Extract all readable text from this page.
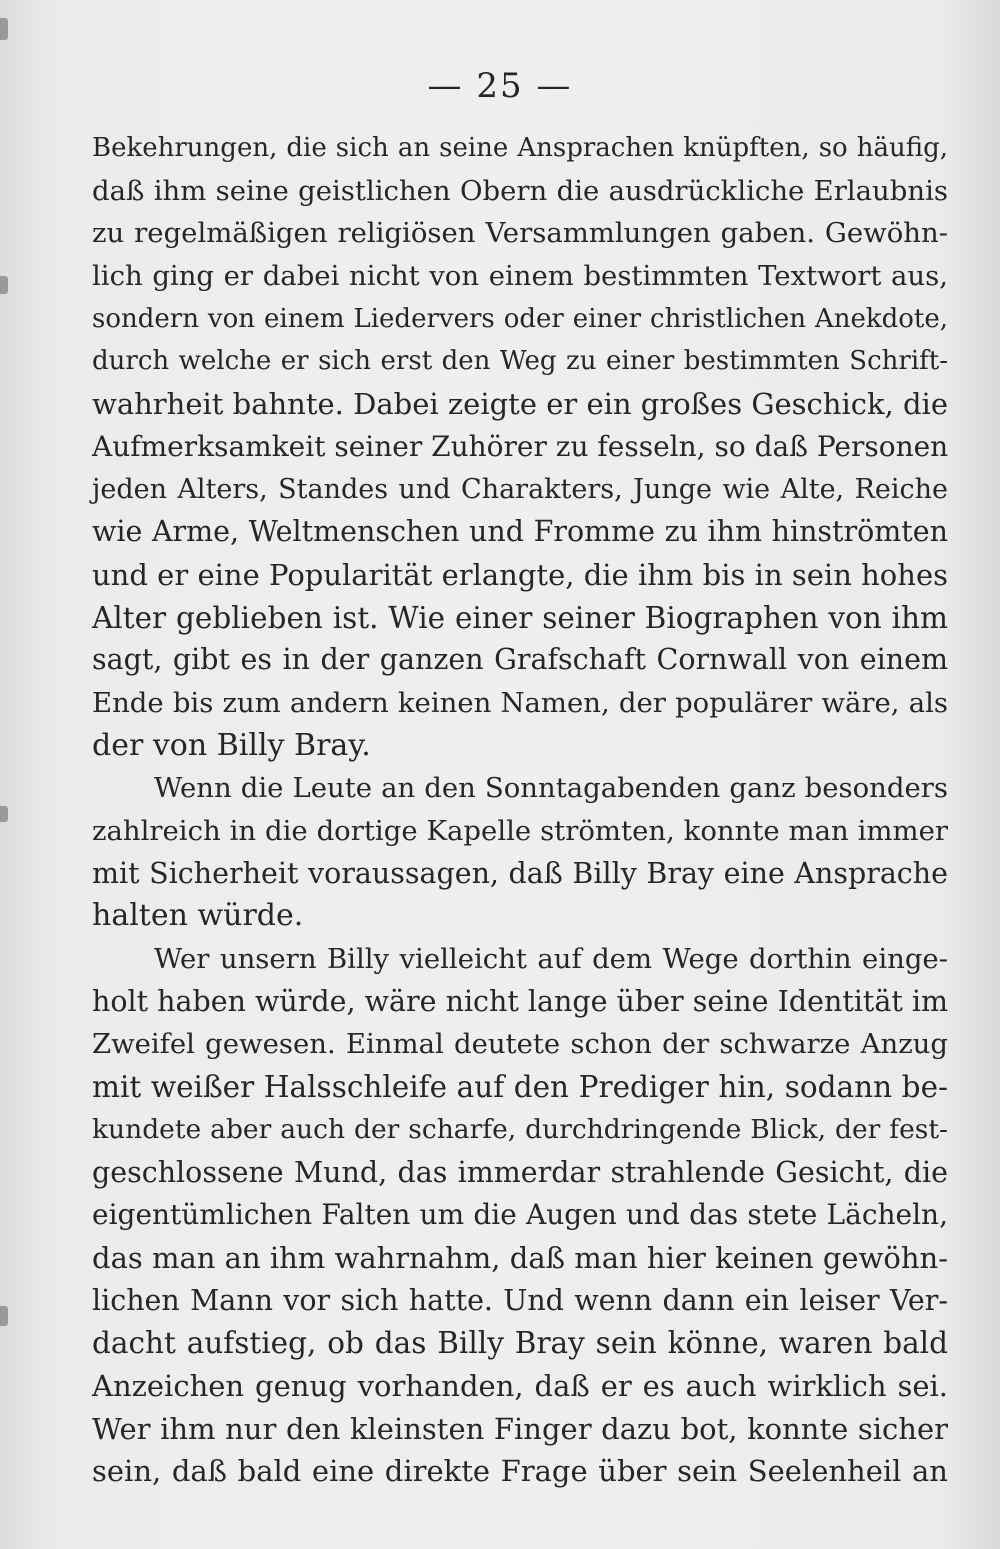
— 25 —

Bekehrungen, die sich an seine Ansprachen knüpften, so häufig,
daß ihm seine geistlichen Obern die ausdrückliche Erlaubnis
zu regelmäßigen religiösen Versammlungen gaben. Gewöhn-
lich ging er dabei nicht von einem bestimmten Textwort aus,
sondern von einem Liedervers oder einer christlichen Anekdote,
durch welche er sich erst den Weg zu einer bestimmten Schrift-
wahrheit bahnte. Dabei zeigte er ein großes Geschick, die
Aufmerksamkeit seiner Zuhörer zu fesseln, so daß Personen
jeden Alters, Standes und Charakters, Junge wie Alte, Reiche
wie Arme, Weltmenschen und Fromme zu ihm hinströmten
und er eine Popularität erlangte, die ihm bis in sein hohes
Alter geblieben ist. Wie einer seiner Biographen von ihm
sagt, gibt es in der ganzen Grafschaft Cornwall von einem
Ende bis zum andern keinen Namen, der populärer wäre, als
der von Billy Bray.
Wenn die Leute an den Sonntagabenden ganz besonders
zahlreich in die dortige Kapelle strömten, konnte man immer
mit Sicherheit voraussagen, daß Billy Bray eine Ansprache
halten würde.
Wer unsern Billy vielleicht auf dem Wege dorthin einge-
holt haben würde, wäre nicht lange über seine Identität im
Zweifel gewesen. Einmal deutete schon der schwarze Anzug
mit weißer Halsschleife auf den Prediger hin, sodann be-
kundete aber auch der scharfe, durchdringende Blick, der fest-
geschlossene Mund, das immerdar strahlende Gesicht, die
eigentümlichen Falten um die Augen und das stete Lächeln,
das man an ihm wahrnahm, daß man hier keinen gewöhn-
lichen Mann vor sich hatte. Und wenn dann ein leiser Ver-
dacht aufstieg, ob das Billy Bray sein könne, waren bald
Anzeichen genug vorhanden, daß er es auch wirklich sei.
Wer ihm nur den kleinsten Finger dazu bot, konnte sicher
sein, daß bald eine direkte Frage über sein Seelenheil an
